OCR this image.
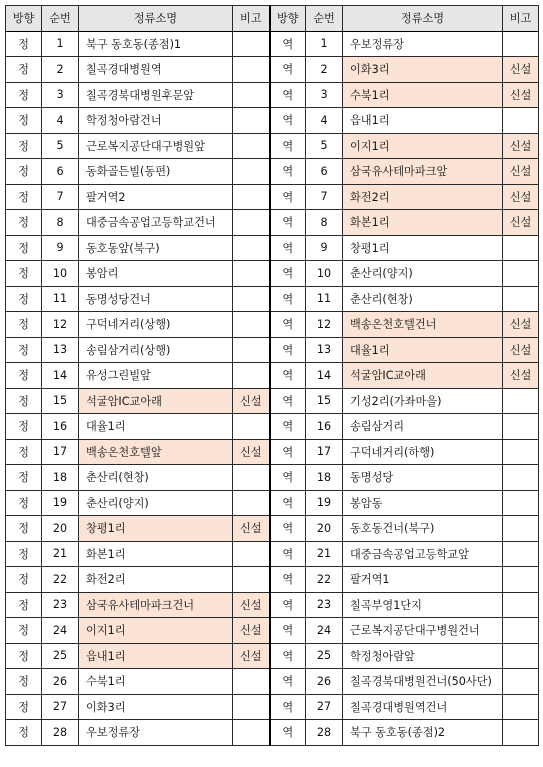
방향	순번	정류소명	비고	방향	순번	정류소명	비고
정	1	북구 동호동(종점)1		역	1	우보정류장	
정	2	칠곡경대병원역		역	2	이화3리	신설
정	3	칠곡경북대병원후문앞		역	3	수북1리	신설
정	4	학정청아람건너		역	4	읍내1리	
정	5	근로복지공단대구병원앞		역	5	이지1리	신설
정	6	동화골든빌(동편)		역	6	삼국유사테마파크앞	신설
정	7	팔거역2		역	7	화전2리	신설
정	8	대중금속공업고등학교건너		역	8	화본1리	신설
정	9	동호동앞(북구)		역	9	창평1리	
정	10	봉암리		역	10	춘산리(양지)	
정	11	동명성당건너		역	11	춘산리(현창)	
정	12	구덕네거리(상행)		역	12	백송온천호텔건너	신설
정	13	송림삼거리(상행)		역	13	대율1리	신설
정	14	유성그린빌앞		역	14	석굴암IC교아래	신설
정	15	석굴암IC교아래	신설	역	15	기성2리(가좌마을)	
정	16	대율1리		역	16	송림삼거리	
정	17	백송온천호텔앞	신설	역	17	구덕네거리(하행)	
정	18	춘산리(현창)		역	18	동명성당	
정	19	춘산리(양지)		역	19	봉암동	
정	20	창평1리	신설	역	20	동호동건너(북구)	
정	21	화본1리		역	21	대중금속공업고등학교앞	
정	22	화전2리		역	22	팔거역1	
정	23	삼국유사테마파크건너	신설	역	23	칠곡부영1단지	
정	24	이지1리	신설	역	24	근로복지공단대구병원건너	
정	25	읍내1리	신설	역	25	학정청아람앞	
정	26	수북1리		역	26	칠곡경북대병원건너(50사단)	
정	27	이화3리		역	27	칠곡경대병원역건너	
정	28	우보정류장		역	28	북구 동호동(종점)2	
